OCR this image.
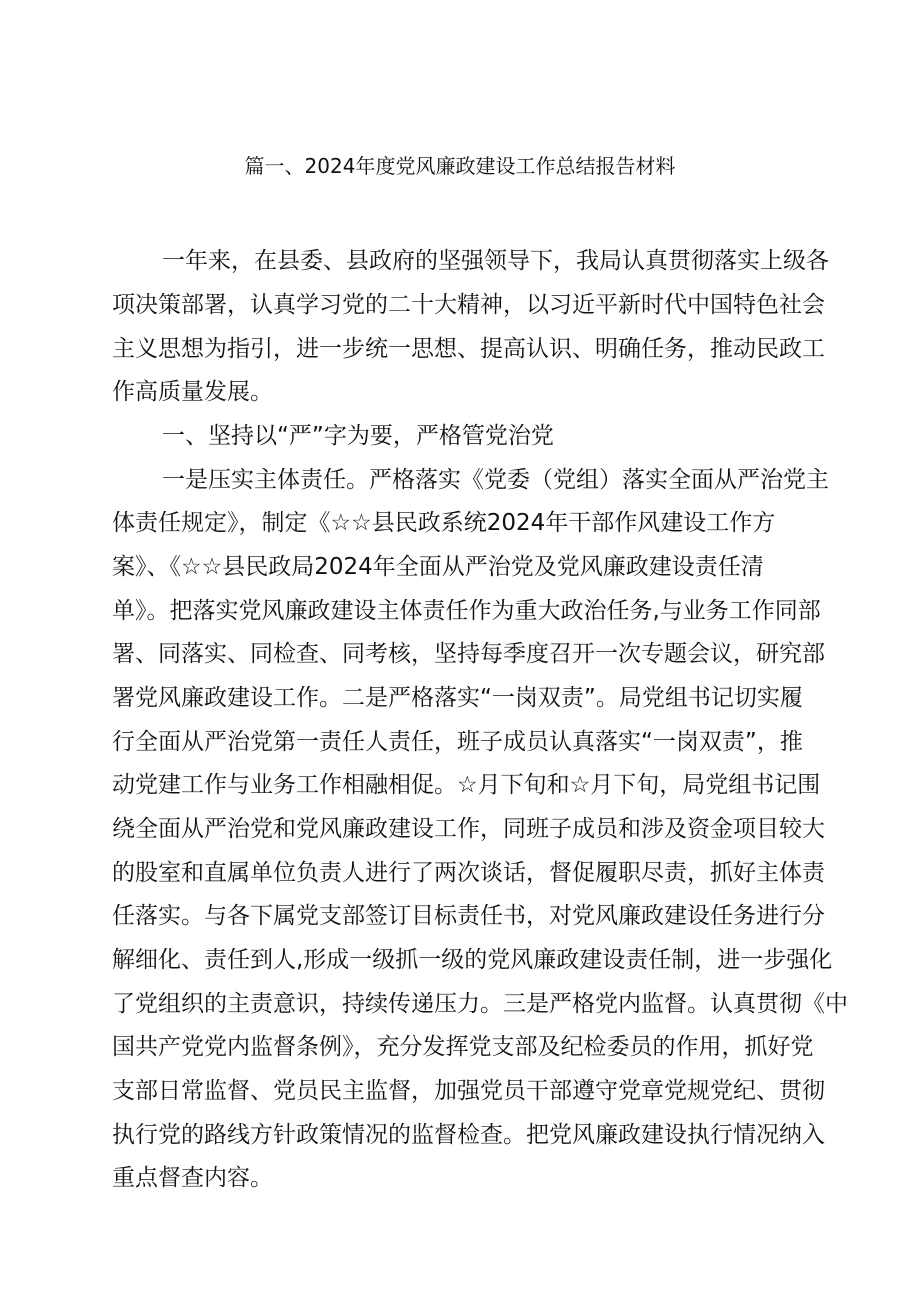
篇一、2024年度党风廉政建设工作总结报告材料
一年来，在县委、县政府的坚强领导下，我局认真贯彻落实上级各
项决策部署，认真学习党的二十大精神，以习近平新时代中国特色社会
主义思想为指引，进一步统一思想、提高认识、明确任务，推动民政工
作高质量发展。
一、坚持以“严”字为要，严格管党治党
一是压实主体责任。严格落实《党委（党组）落实全面从严治党主
体责任规定》，制定《☆☆县民政系统2024年干部作风建设工作方
案》、《☆☆县民政局2024年全面从严治党及党风廉政建设责任清
单》。把落实党风廉政建设主体责任作为重大政治任务,与业务工作同部
署、同落实、同检查、同考核，坚持每季度召开一次专题会议，研究部
署党风廉政建设工作。二是严格落实“一岗双责”。局党组书记切实履
行全面从严治党第一责任人责任，班子成员认真落实“一岗双责”，推
动党建工作与业务工作相融相促。☆月下旬和☆月下旬，局党组书记围
绕全面从严治党和党风廉政建设工作，同班子成员和涉及资金项目较大
的股室和直属单位负责人进行了两次谈话，督促履职尽责，抓好主体责
任落实。与各下属党支部签订目标责任书，对党风廉政建设任务进行分
解细化、责任到人,形成一级抓一级的党风廉政建设责任制，进一步强化
了党组织的主责意识，持续传递压力。三是严格党内监督。认真贯彻《中
国共产党党内监督条例》，充分发挥党支部及纪检委员的作用，抓好党
支部日常监督、党员民主监督，加强党员干部遵守党章党规党纪、贯彻
执行党的路线方针政策情况的监督检查。把党风廉政建设执行情况纳入
重点督查内容。
